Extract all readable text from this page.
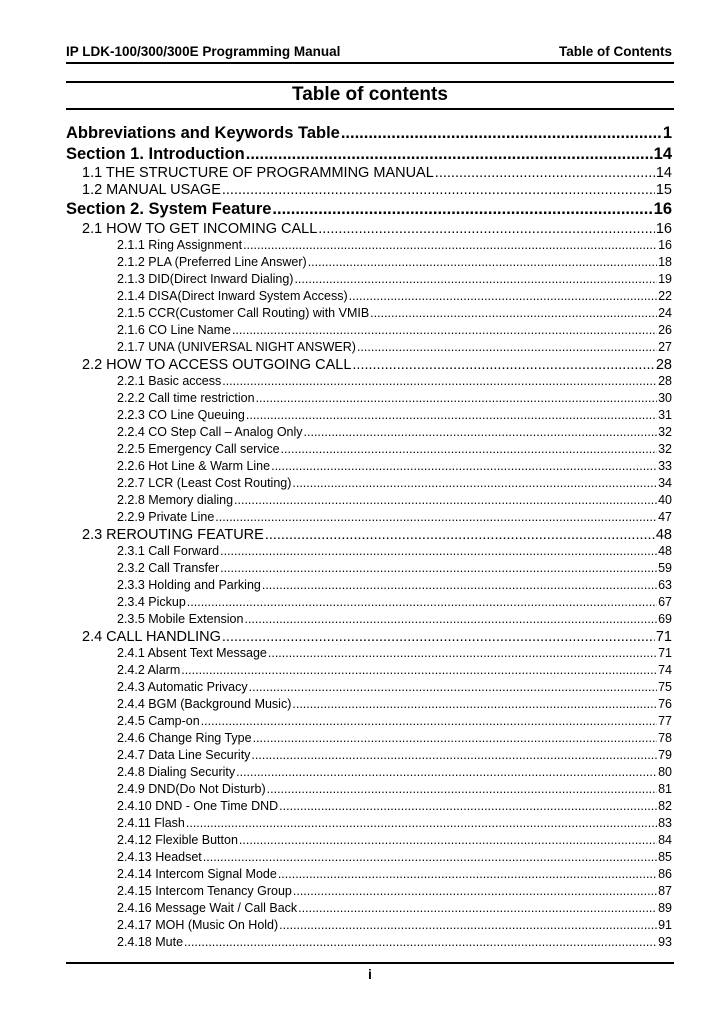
IP LDK-100/300/300E Programming Manual	Table of Contents
Table of contents
Abbreviations and Keywords Table .....	1
Section 1. Introduction .....	14
1.1 THE STRUCTURE OF PROGRAMMING MANUAL .....	14
1.2 MANUAL USAGE .....	15
Section 2. System Feature .....	16
2.1 HOW TO GET INCOMING CALL .....	16
2.1.1 Ring Assignment .....	16
2.1.2 PLA (Preferred Line Answer) .....	18
2.1.3 DID(Direct Inward Dialing) .....	19
2.1.4 DISA(Direct Inward System Access) .....	22
2.1.5 CCR(Customer Call Routing) with VMIB .....	24
2.1.6 CO Line Name .....	26
2.1.7 UNA (UNIVERSAL NIGHT ANSWER) .....	27
2.2 HOW TO ACCESS OUTGOING CALL .....	28
2.2.1 Basic access .....	28
2.2.2 Call time restriction .....	30
2.2.3 CO Line Queuing .....	31
2.2.4 CO Step Call – Analog Only .....	32
2.2.5 Emergency Call service .....	32
2.2.6 Hot Line & Warm Line .....	33
2.2.7 LCR (Least Cost Routing) .....	34
2.2.8 Memory dialing .....	40
2.2.9 Private Line .....	47
2.3 REROUTING FEATURE .....	48
2.3.1 Call Forward .....	48
2.3.2 Call Transfer .....	59
2.3.3 Holding and Parking .....	63
2.3.4 Pickup .....	67
2.3.5 Mobile Extension .....	69
2.4 CALL HANDLING .....	71
2.4.1 Absent Text Message .....	71
2.4.2 Alarm .....	74
2.4.3 Automatic Privacy .....	75
2.4.4 BGM (Background Music) .....	76
2.4.5 Camp-on .....	77
2.4.6 Change Ring Type .....	78
2.4.7 Data Line Security .....	79
2.4.8 Dialing Security .....	80
2.4.9 DND(Do Not Disturb) .....	81
2.4.10 DND - One Time DND .....	82
2.4.11 Flash .....	83
2.4.12 Flexible Button .....	84
2.4.13 Headset .....	85
2.4.14 Intercom Signal Mode .....	86
2.4.15 Intercom Tenancy Group .....	87
2.4.16 Message Wait / Call Back .....	89
2.4.17 MOH (Music On Hold) .....	91
2.4.18 Mute .....	93
i
